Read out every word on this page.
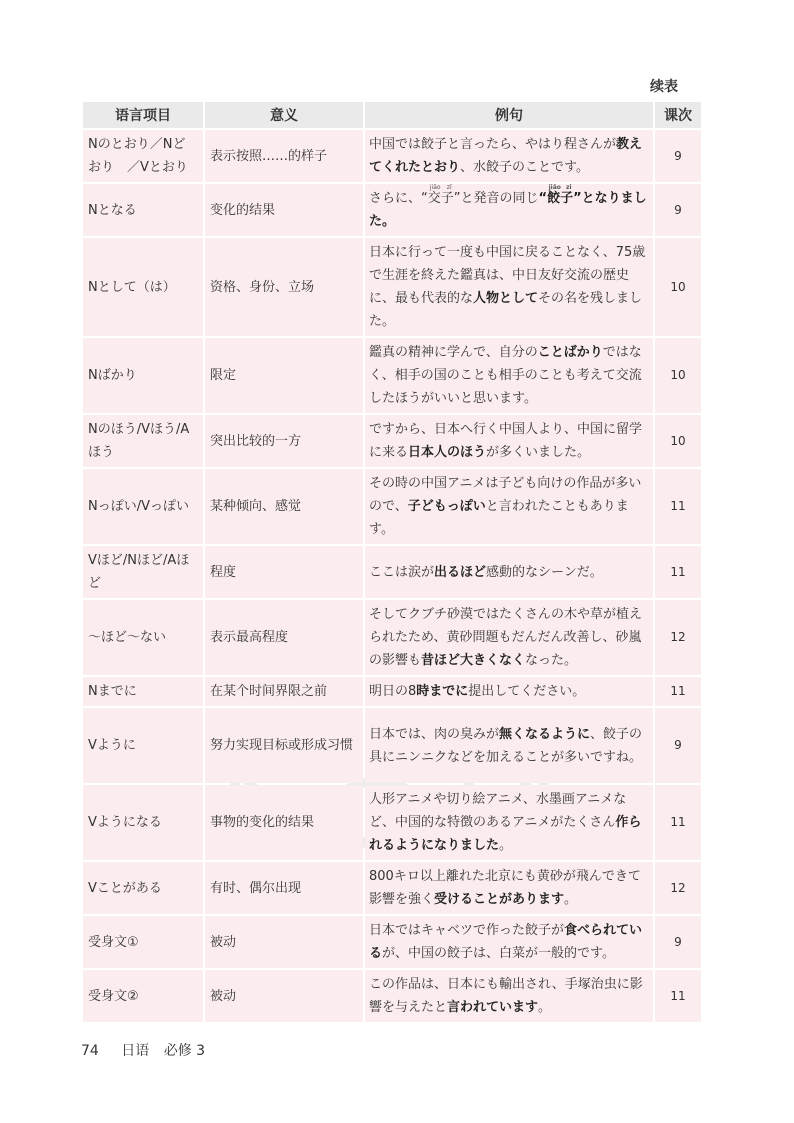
续表
语言项目	意义	例句	课次
Nのとおり／Nどおり　／Vとおり	表示按照……的样子	中国では餃子と言ったら、やはり程さんが教えてくれたとおり、水餃子のことです。	9
Nとなる	变化的结果	さらに、“交子jiāo zǐ”と発音の同じ“餃子jiǎo zi”となりました。	9
Nとして（は）	资格、身份、立场	日本に行って一度も中国に戻ることなく、75歳で生涯を終えた鑑真は、中日友好交流の歴史に、最も代表的な人物としてその名を残しました。	10
Nばかり	限定	鑑真の精神に学んで、自分のことばかりではなく、相手の国のことも相手のことも考えて交流したほうがいいと思います。	10
Nのほう/Vほう/Aほう	突出比较的一方	ですから、日本へ行く中国人より、中国に留学に来る日本人のほうが多くいました。	10
Nっぽい/Vっぽい	某种倾向、感觉	その時の中国アニメは子ども向けの作品が多いので、子どもっぽいと言われたこともあります。	11
Vほど/Nほど/Aほど	程度	ここは涙が出るほど感動的なシーンだ。	11
～ほど～ない	表示最高程度	そしてクブチ砂漠ではたくさんの木や草が植えられたため、黄砂問題もだんだん改善し、砂嵐の影響も昔ほど大きくなくなった。	12
Nまでに	在某个时间界限之前	明日の8時までに提出してください。	11
Vように	努力实现目标或形成习惯	日本では、肉の臭みが無くなるように、餃子の具にニンニクなどを加えることが多いですね。	9
Vようになる	事物的变化的结果	人形アニメや切り絵アニメ、水墨画アニメなど、中国的な特徴のあるアニメがたくさん作られるようになりました。	11
Vことがある	有时、偶尔出现	800キロ以上離れた北京にも黄砂が飛んできて影響を強く受けることがあります。	12
受身文①	被动	日本ではキャベツで作った餃子が食べられているが、中国の餃子は、白菜が一般的です。	9
受身文②	被动	この作品は、日本にも輸出され、手塚治虫に影響を与えたと言われています。	11
74 日语 必修 3
